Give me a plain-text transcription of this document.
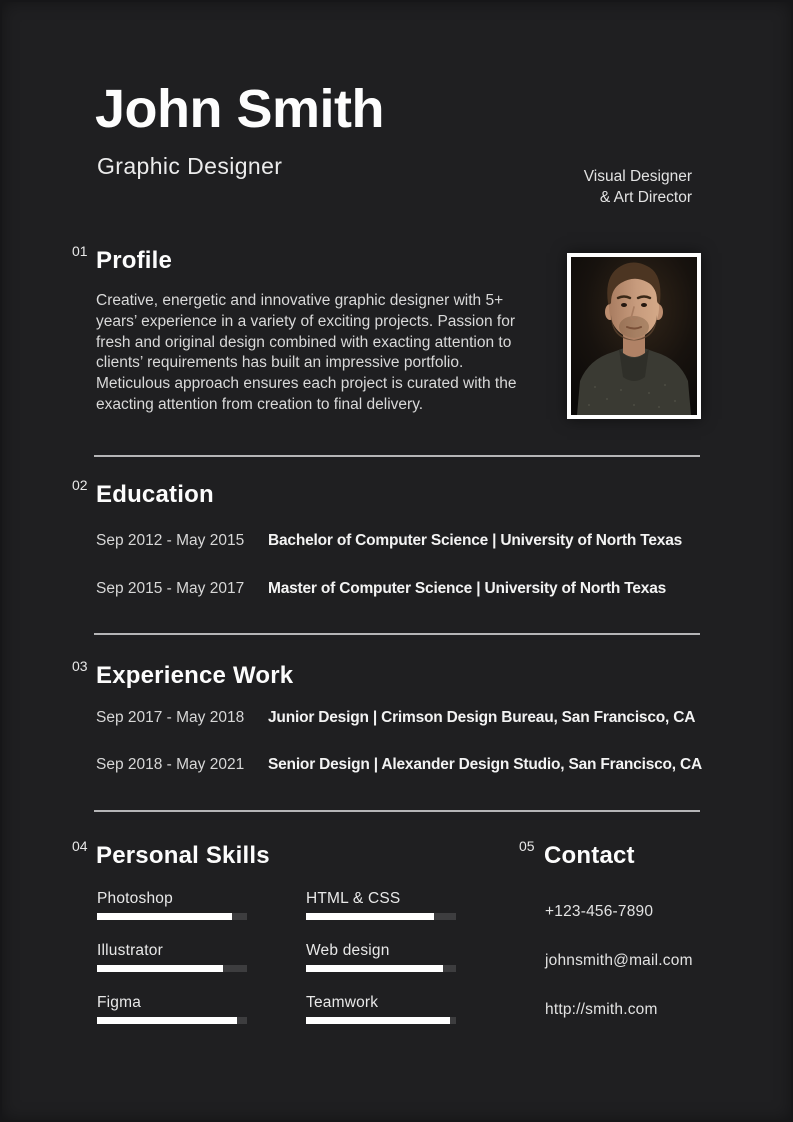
John Smith
Graphic Designer	Visual Designer
& Art Director
01 Profile
Creative, energetic and innovative graphic designer with 5+ years’ experience in a variety of exciting projects. Passion for fresh and original design combined with exacting attention to clients’ requirements has built an impressive portfolio. Meticulous approach ensures each project is curated with the exacting attention from creation to final delivery.
02 Education
Sep 2012 - May 2015	Bachelor of Computer Science | University of North Texas
Sep 2015 - May 2017	Master of Computer Science | University of North Texas
03 Experience Work
Sep 2017 - May 2018	Junior Design | Crimson Design Bureau, San Francisco, CA
Sep 2018 - May 2021	Senior Design | Alexander Design Studio, San Francisco, CA
04 Personal Skills
Photoshop
Illustrator
Figma
HTML & CSS
Web design
Teamwork
05 Contact
+123-456-7890
johnsmith@mail.com
http://smith.com
